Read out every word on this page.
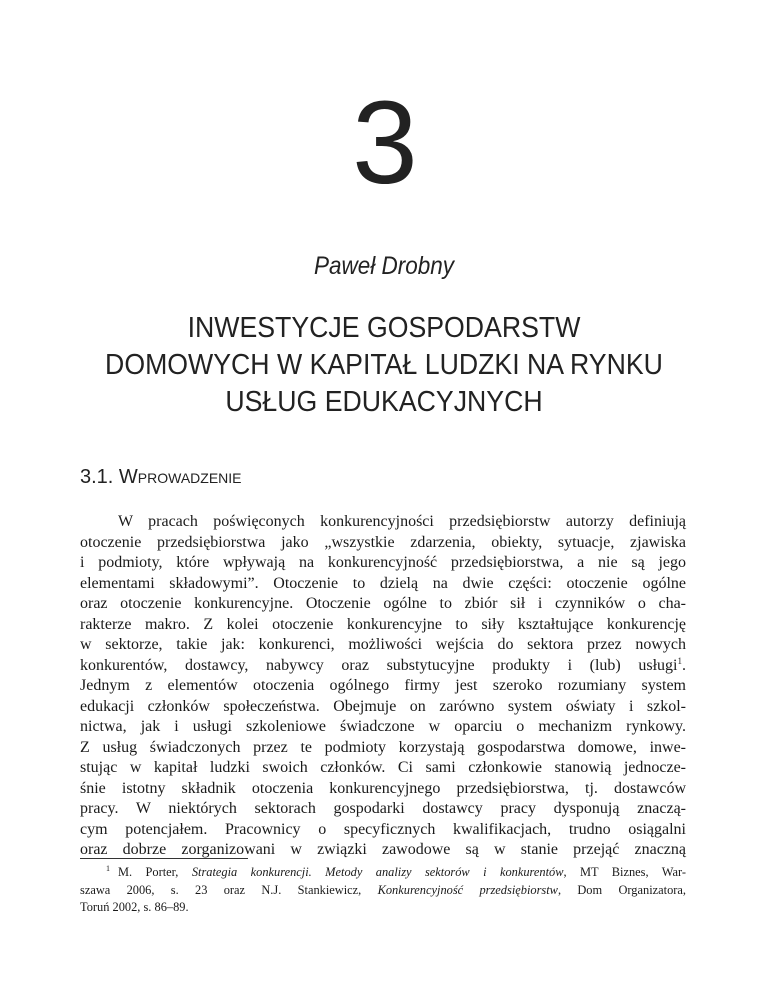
3
Paweł Drobny
INWESTYCJE GOSPODARSTW
DOMOWYCH W KAPITAŁ LUDZKI NA RYNKU
USŁUG EDUKACYJNYCH
3.1. Wprowadzenie
W pracach poświęconych konkurencyjności przedsiębiorstw autorzy definiują
otoczenie przedsiębiorstwa jako „wszystkie zdarzenia, obiekty, sytuacje, zjawiska
i podmioty, które wpływają na konkurencyjność przedsiębiorstwa, a nie są jego
elementami składowymi”. Otoczenie to dzielą na dwie części: otoczenie ogólne
oraz otoczenie konkurencyjne. Otoczenie ogólne to zbiór sił i czynników o cha-
rakterze makro. Z kolei otoczenie konkurencyjne to siły kształtujące konkurencję
w sektorze, takie jak: konkurenci, możliwości wejścia do sektora przez nowych
konkurentów, dostawcy, nabywcy oraz substytucyjne produkty i (lub) usługi$^1$.
Jednym z elementów otoczenia ogólnego firmy jest szeroko rozumiany system
edukacji członków społeczeństwa. Obejmuje on zarówno system oświaty i szkol-
nictwa, jak i usługi szkoleniowe świadczone w oparciu o mechanizm rynkowy.
Z usług świadczonych przez te podmioty korzystają gospodarstwa domowe, inwe-
stując w kapitał ludzki swoich członków. Ci sami członkowie stanowią jednocze-
śnie istotny składnik otoczenia konkurencyjnego przedsiębiorstwa, tj. dostawców
pracy. W niektórych sektorach gospodarki dostawcy pracy dysponują znaczą-
cym potencjałem. Pracownicy o specyficznych kwalifikacjach, trudno osiągalni
oraz dobrze zorganizowani w związki zawodowe są w stanie przejąć znaczną
$^1$ M. Porter, Strategia konkurencji. Metody analizy sektorów i konkurentów, MT Biznes, War-
szawa 2006, s. 23 oraz N.J. Stankiewicz, Konkurencyjność przedsiębiorstw, Dom Organizatora,
Toruń 2002, s. 86–89.
